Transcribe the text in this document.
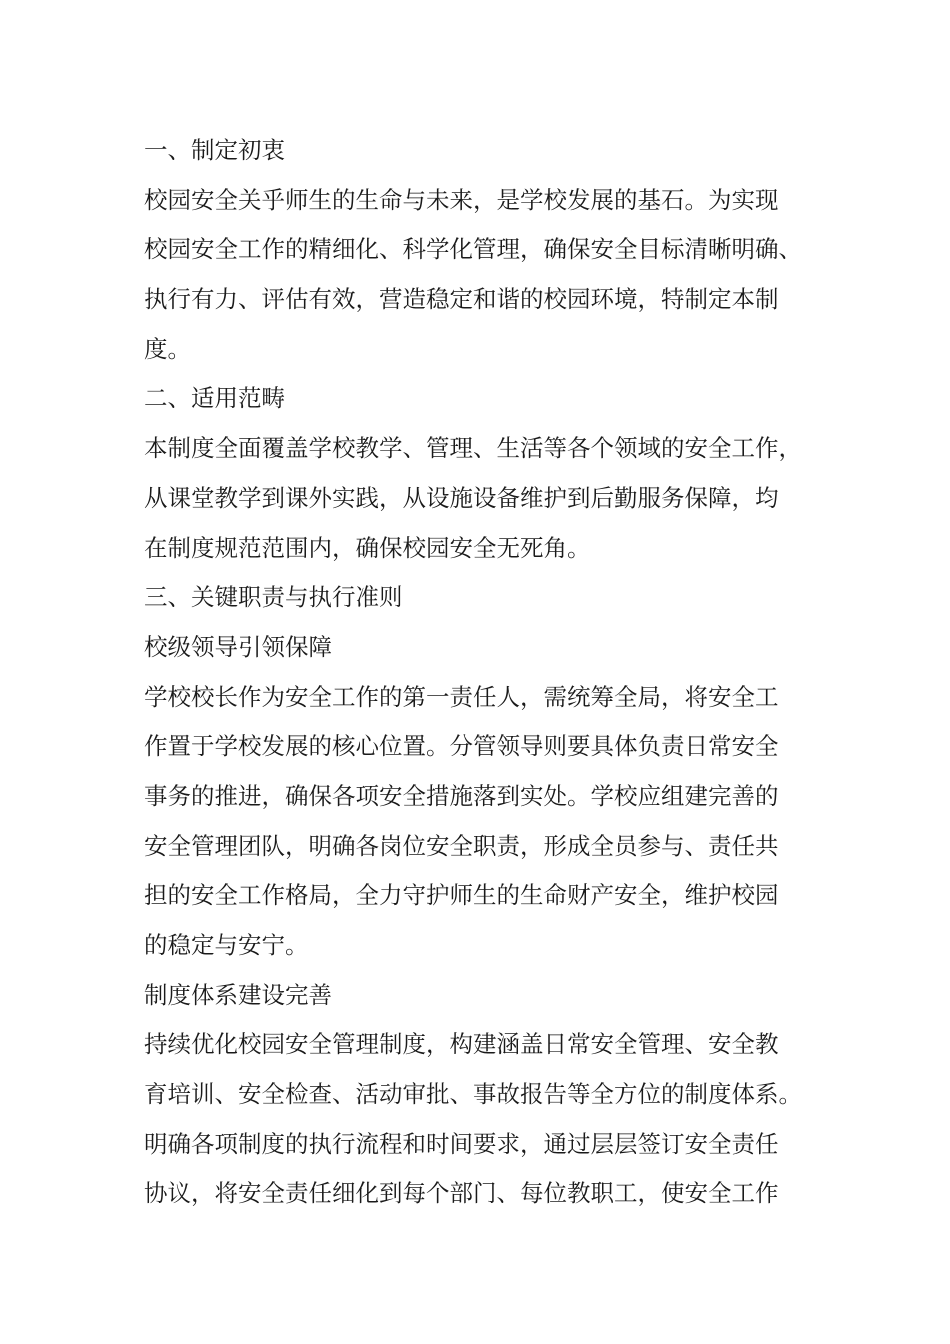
一、制定初衷
校园安全关乎师生的生命与未来，是学校发展的基石。为实现
校园安全工作的精细化、科学化管理，确保安全目标清晰明确、
执行有力、评估有效，营造稳定和谐的校园环境，特制定本制
度。
二、适用范畴
本制度全面覆盖学校教学、管理、生活等各个领域的安全工作，
从课堂教学到课外实践，从设施设备维护到后勤服务保障，均
在制度规范范围内，确保校园安全无死角。
三、关键职责与执行准则
校级领导引领保障
学校校长作为安全工作的第一责任人，需统筹全局，将安全工
作置于学校发展的核心位置。分管领导则要具体负责日常安全
事务的推进，确保各项安全措施落到实处。学校应组建完善的
安全管理团队，明确各岗位安全职责，形成全员参与、责任共
担的安全工作格局，全力守护师生的生命财产安全，维护校园
的稳定与安宁。
制度体系建设完善
持续优化校园安全管理制度，构建涵盖日常安全管理、安全教
育培训、安全检查、活动审批、事故报告等全方位的制度体系。
明确各项制度的执行流程和时间要求，通过层层签订安全责任
协议，将安全责任细化到每个部门、每位教职工，使安全工作
